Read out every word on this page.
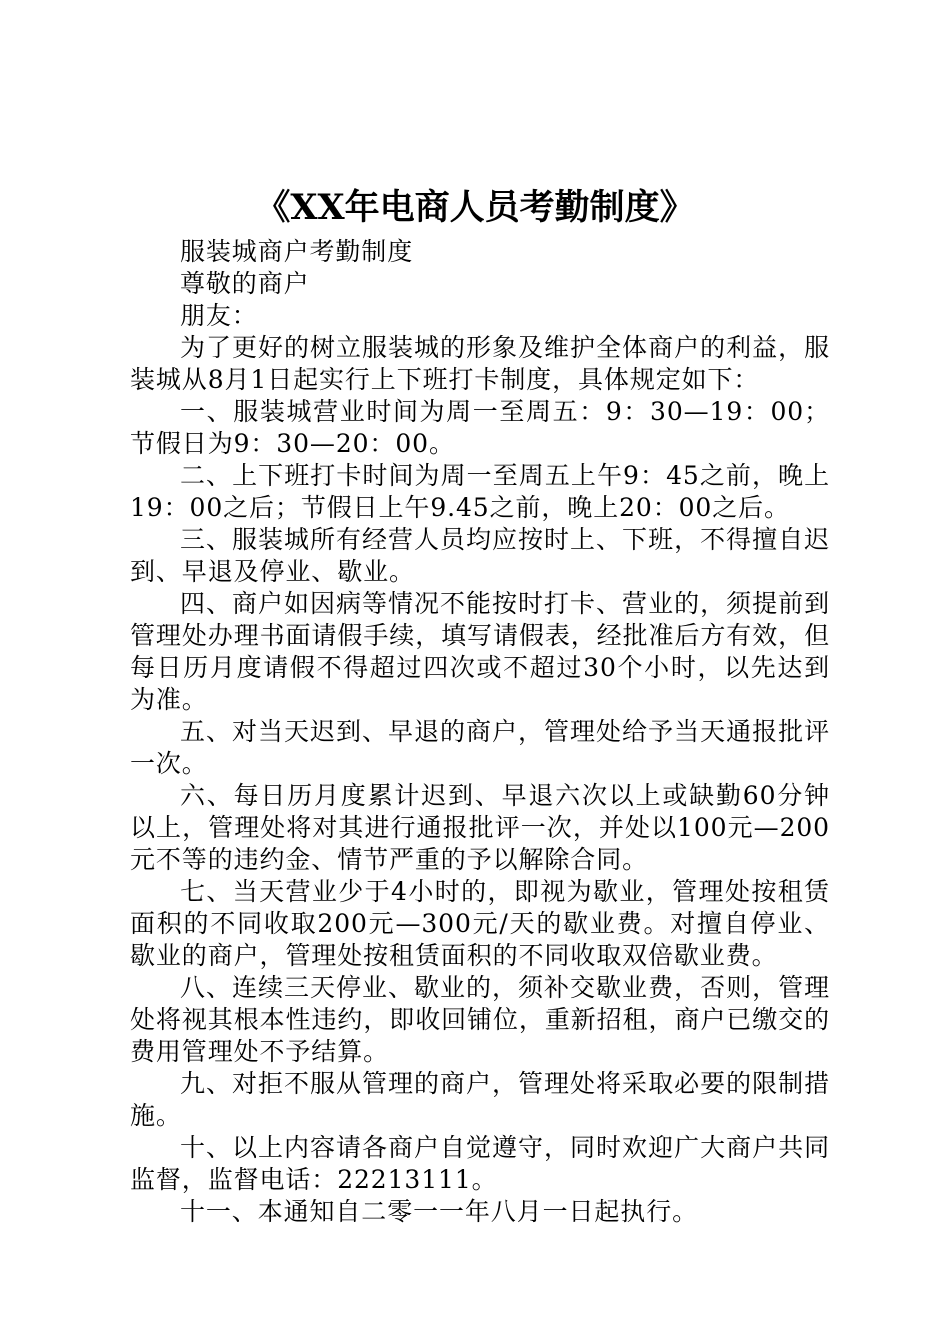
《XX年电商人员考勤制度》

服装城商户考勤制度

尊敬的商户

朋友：

为了更好的树立服装城的形象及维护全体商户的利益，服装城从8月1日起实行上下班打卡制度，具体规定如下：

一、服装城营业时间为周一至周五：9：30—19：00；节假日为9：30—20：00。

二、上下班打卡时间为周一至周五上午9：45之前，晚上19：00之后；节假日上午9.45之前，晚上20：00之后。

三、服装城所有经营人员均应按时上、下班，不得擅自迟到、早退及停业、歇业。

四、商户如因病等情况不能按时打卡、营业的，须提前到管理处办理书面请假手续，填写请假表，经批准后方有效，但每日历月度请假不得超过四次或不超过30个小时，以先达到为准。

五、对当天迟到、早退的商户，管理处给予当天通报批评一次。

六、每日历月度累计迟到、早退六次以上或缺勤60分钟以上，管理处将对其进行通报批评一次，并处以100元—200元不等的违约金、情节严重的予以解除合同。

七、当天营业少于4小时的，即视为歇业，管理处按租赁面积的不同收取200元—300元/天的歇业费。对擅自停业、歇业的商户，管理处按租赁面积的不同收取双倍歇业费。

八、连续三天停业、歇业的，须补交歇业费，否则，管理处将视其根本性违约，即收回铺位，重新招租，商户已缴交的费用管理处不予结算。

九、对拒不服从管理的商户，管理处将采取必要的限制措施。

十、以上内容请各商户自觉遵守，同时欢迎广大商户共同监督，监督电话：22213111。

十一、本通知自二零一一年八月一日起执行。
